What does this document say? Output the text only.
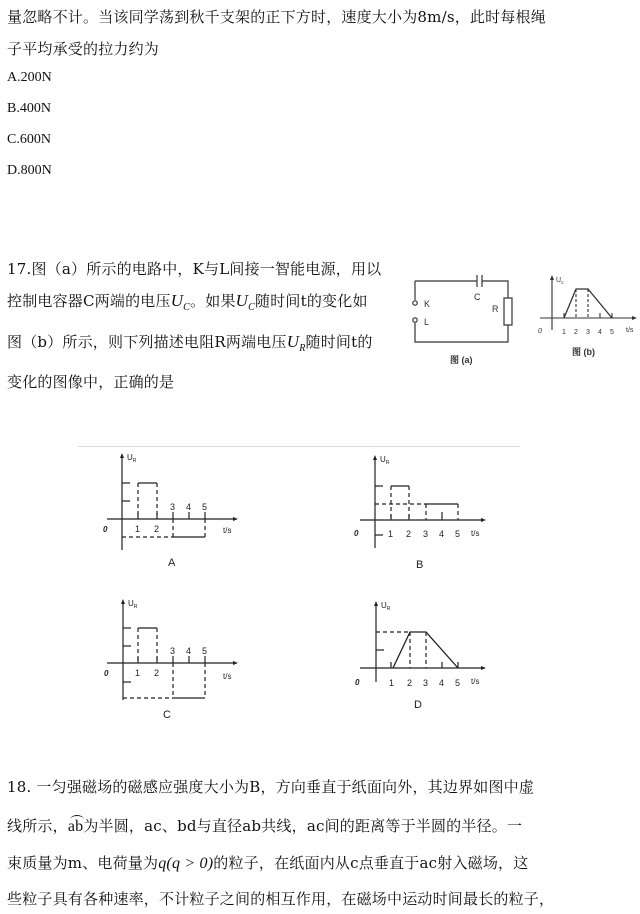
量忽略不计。当该同学荡到秋千支架的正下方时，速度大小为8m/s，此时每根绳
子平均承受的拉力约为
A.200N
B.400N
C.600N
D.800N
17.图（a）所示的电路中，K与L间接一智能电源，用以
控制电容器C两端的电压$U_C$。如果$U_C$随时间t的变化如
图（b）所示，则下列描述电阻R两端电压$U_R$随时间t的
变化的图像中，正确的是
K
L
C
R
图 (a)
$U_c$
t/s
0	1 2 3 4 5
图 (b)
$U_R$
t/s
0	1 2
3 4 5
A
$U_R$
t/s
0	1 2 3 4 5
B
$U_R$
t/s
0	1 2
3 4 5
C
$U_R$
t/s
0	1 2 3 4 5
D
18. 一匀强磁场的磁感应强度大小为B，方向垂直于纸面向外，其边界如图中虚
线所示，ab为半圆，ac、bd与直径ab共线，ac间的距离等于半圆的半径。一
束质量为m、电荷量为q(q > 0)的粒子，在纸面内从c点垂直于ac射入磁场，这
些粒子具有各种速率，不计粒子之间的相互作用，在磁场中运动时间最长的粒子，
